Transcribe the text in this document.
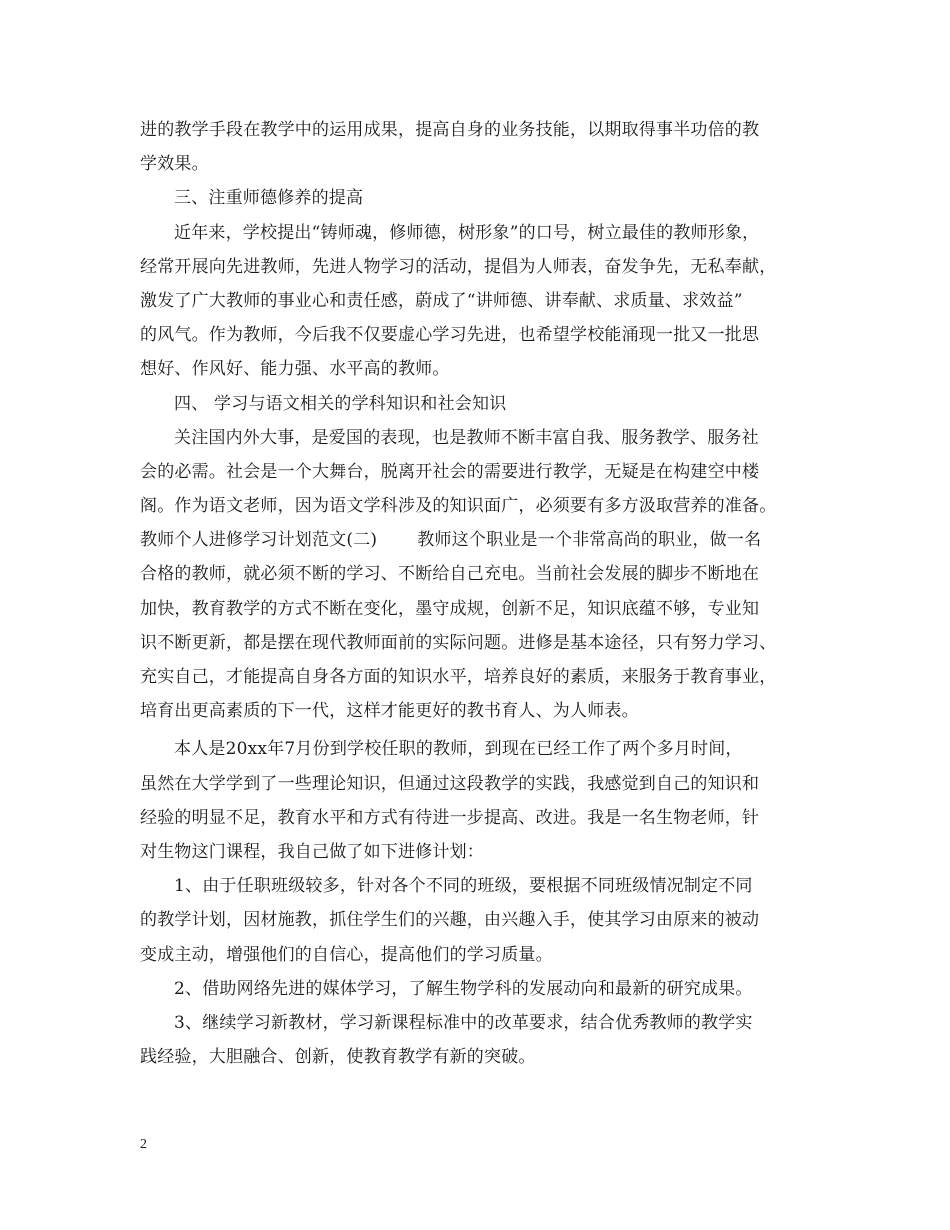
进的教学手段在教学中的运用成果，提高自身的业务技能，以期取得事半功倍的教
学效果。
三、注重师德修养的提高
近年来，学校提出“铸师魂，修师德，树形象”的口号，树立最佳的教师形象，
经常开展向先进教师，先进人物学习的活动，提倡为人师表，奋发争先，无私奉献，
激发了广大教师的事业心和责任感，蔚成了“讲师德、讲奉献、求质量、求效益”
的风气。作为教师，今后我不仅要虚心学习先进，也希望学校能涌现一批又一批思
想好、作风好、能力强、水平高的教师。
四、 学习与语文相关的学科知识和社会知识
关注国内外大事，是爱国的表现，也是教师不断丰富自我、服务教学、服务社
会的必需。社会是一个大舞台，脱离开社会的需要进行教学，无疑是在构建空中楼
阁。作为语文老师，因为语文学科涉及的知识面广，必须要有多方汲取营养的准备。
教师个人进修学习计划范文(二)　　 教师这个职业是一个非常高尚的职业，做一名
合格的教师，就必须不断的学习、不断给自己充电。当前社会发展的脚步不断地在
加快，教育教学的方式不断在变化，墨守成规，创新不足，知识底蕴不够，专业知
识不断更新，都是摆在现代教师面前的实际问题。进修是基本途径，只有努力学习、
充实自己，才能提高自身各方面的知识水平，培养良好的素质，来服务于教育事业，
培育出更高素质的下一代，这样才能更好的教书育人、为人师表。
本人是20xx年7月份到学校任职的教师，到现在已经工作了两个多月时间，
虽然在大学学到了一些理论知识，但通过这段教学的实践，我感觉到自己的知识和
经验的明显不足，教育水平和方式有待进一步提高、改进。我是一名生物老师，针
对生物这门课程，我自己做了如下进修计划：
1、由于任职班级较多，针对各个不同的班级，要根据不同班级情况制定不同
的教学计划，因材施教，抓住学生们的兴趣，由兴趣入手，使其学习由原来的被动
变成主动，增强他们的自信心，提高他们的学习质量。
2、借助网络先进的媒体学习，了解生物学科的发展动向和最新的研究成果。
3、继续学习新教材，学习新课程标准中的改革要求，结合优秀教师的教学实
践经验，大胆融合、创新，使教育教学有新的突破。
2
